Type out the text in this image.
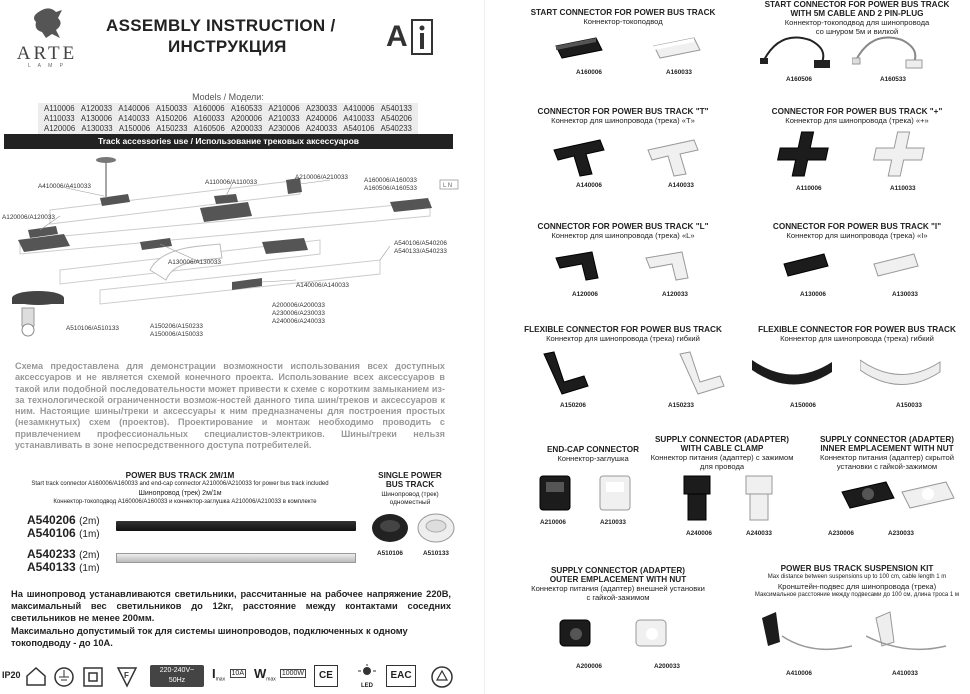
ARTE
L A M P
ASSEMBLY INSTRUCTION /
ИНСТРУКЦИЯ	A
Models / Модели:
A110006 A120033 A140006 A150033 A160006 A160533 A210006 A230033 A410006 A540133
A110033 A130006 A140033 A150206 A160033 A200006 A210033 A240006 A410033 A540206
A120006 A130033 A150006 A150233 A160506 A200033 A230006 A240033 A540106 A540233
Track accessories use / Использование трековых аксессуаров
L N
A410006/A410033
A110006/A110033
A210006/A210033	A160006/A160033
A160506/A160533
A120006/A120033
A130006/A130033
A540106/A540206
A540133/A540233
A140006/A140033
A200006/A200033
A230006/A230033
A240006/A240033
A510106/A510133	A150206/A150233
A150006/A150033
Схема предоставлена для демонстрации возможности использования всех доступных аксессуаров и не является схемой конечного проекта. Использование всех аксессуаров в такой или подобной последовательности может привести к схеме с коротким замыканием из-за технологической ограниченности возмож-ностей данного типа шин/треков и аксессуаров к ним. Настоящие шины/треки и аксессуары к ним предназначены для построения простых (незамкнутых) схем (проектов). Проектирование и монтаж необходимо проводить с привлечением профессиональных специалистов-электриков. Шины/треки нельзя устанавливать в зоне непосредственного доступа потребителей.
POWER BUS TRACK 2M/1M
Start track connector A160006/A160033 and end-cap connector A210006/A210033 for power bus track included
Шинопровод (трек) 2м/1м
Коннектор-токоподвод A160006/A160033 и коннектор-заглушка A210006/A210033 в комплекте
A540206 (2m)
A540106 (1m)
A540233 (2m)
A540133 (1m)
SINGLE POWER
BUS TRACK
Шинопровод (трек)
одноместный
A510106	A510133
На шинопровод устанавливаются светильники, рассчитанные на рабочее напряжение 220В, максимальный вес светильников до 12кг, расстояние между контактами соседних светильников не менее 200мм.
Максимально допустимый ток для системы шинопроводов, подключенных к одному токоподводу - до 10А.
IP20	F
220-240V~
50Hz	$I_{max}$
10A $W_{max}$
1000W	CE
LED
EAC
START CONNECTOR FOR POWER BUS TRACK
Коннектор-токоподвод
A160006	A160033
START CONNECTOR FOR POWER BUS TRACK
WITH 5M CABLE AND 2 PIN-PLUG
Коннектор-токоподвод для шинопровода
со шнуром 5м и вилкой
A160506	A160533
CONNECTOR FOR POWER BUS TRACK "T"
Коннектор для шинопровода (трека) «T»
A140006	A140033
CONNECTOR FOR POWER BUS TRACK "+"
Коннектор для шинопровода (трека) «+»
A110006	A110033
CONNECTOR FOR POWER BUS TRACK "L"
Коннектор для шинопровода (трека) «L»
A120006	A120033
CONNECTOR FOR POWER BUS TRACK "I"
Коннектор для шинопровода (трека) «I»
A130006	A130033
FLEXIBLE CONNECTOR FOR POWER BUS TRACK
Коннектор для шинопровода (трека) гибкий
A150206	A150233
FLEXIBLE CONNECTOR FOR POWER BUS TRACK
Коннектор для шинопровода (трека) гибкий
A150006	A150033
END-CAP CONNECTOR
Коннектор-заглушка
A210006	A210033
SUPPLY CONNECTOR (ADAPTER)
WITH CABLE CLAMP
Коннектор питания (адаптер) с зажимом
для провода
A240006	A240033
SUPPLY CONNECTOR (ADAPTER)
INNER EMPLACEMENT WITH NUT
Коннектор питания (адаптер) скрытой
установки с гайкой-зажимом
A230006	A230033
SUPPLY CONNECTOR (ADAPTER)
OUTER EMPLACEMENT WITH NUT
Коннектор питания (адаптер) внешней установки
с гайкой-зажимом
A200006	A200033
POWER BUS TRACK SUSPENSION KIT
Max distance between suspensions up to 100 cm, cable length 1 m
Кронштейн-подвес для шинопровода (трека)
Максимальное расстояние между подвесами до 100 см, длина троса 1 м
A410006	A410033
